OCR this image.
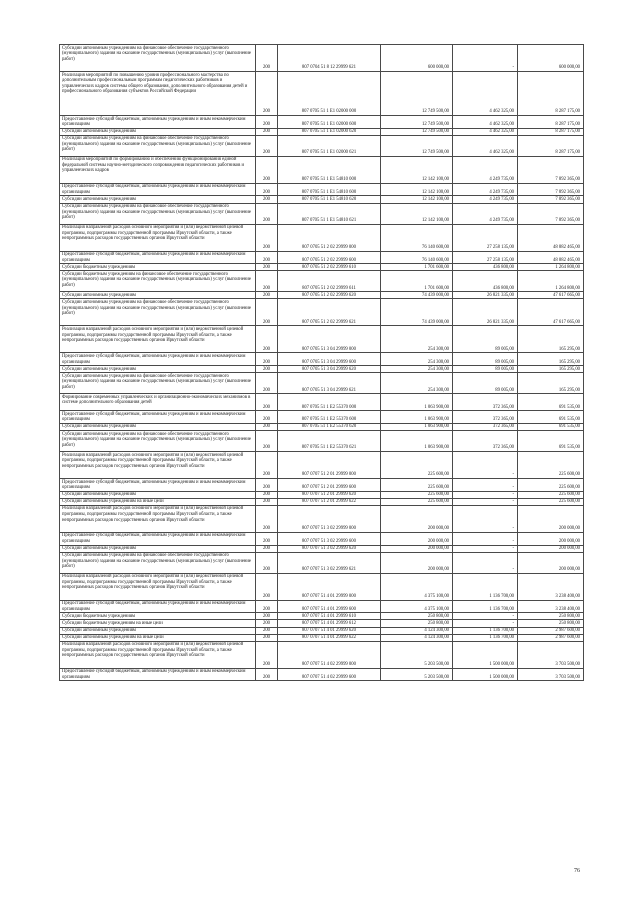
Субсидии автономным учреждениям на финансовое обеспечение государственного (муниципального) задания на оказание государственных (муниципальных) услуг (выполнение работ)	200	807 0704 51 8 12 29999 621	600 000,00	-	600 000,00
Реализация мероприятий по повышению уровня профессионального мастерства по дополнительным профессиональным программам педагогических работников и управленческих кадров системы общего образования, дополнительного образования детей и профессионального образования субъектов Российской Федерации	200	807 0705 51 1 E1 02000 000	12 749 500,00	4 462 325,00	8 287 175,00
Предоставление субсидий бюджетным, автономным учреждениям и иным некоммерческим организациям	200	807 0705 51 1 E1 02000 600	12 749 500,00	4 462 325,00	8 287 175,00
Субсидии автономным учреждениям	200	807 0705 51 1 E1 02000 620	12 749 500,00	4 462 325,00	8 287 175,00
Субсидии автономным учреждениям на финансовое обеспечение государственного (муниципального) задания на оказание государственных (муниципальных) услуг (выполнение работ)	200	807 0705 51 1 E1 02000 621	12 749 500,00	4 462 325,00	8 287 175,00
Реализация мероприятий по формированию и обеспечению функционирования единой федеральной системы научно-методического сопровождения педагогических работников и управленческих кадров	200	807 0705 51 1 E1 54810 000	12 142 100,00	4 249 735,00	7 892 365,00
Предоставление субсидий бюджетным, автономным учреждениям и иным некоммерческим организациям	200	807 0705 51 1 E1 54810 600	12 142 100,00	4 249 735,00	7 892 365,00
Субсидии автономным учреждениям	200	807 0705 51 1 E1 54810 620	12 142 100,00	4 249 735,00	7 892 365,00
Субсидии автономным учреждениям на финансовое обеспечение государственного (муниципального) задания на оказание государственных (муниципальных) услуг (выполнение работ)	200	807 0705 51 1 E1 54810 621	12 142 100,00	4 249 735,00	7 892 365,00
Реализация направлений расходов основного мероприятия и (или) ведомственной целевой программы, подпрограммы государственной программы Иркутской области, а также непрограммных расходов государственных органов Иркутской области	200	807 0705 51 2 02 29999 000	76 140 600,00	27 258 135,00	48 882 465,00
Предоставление субсидий бюджетным, автономным учреждениям и иным некоммерческим организациям	200	807 0705 51 2 02 29999 600	76 140 600,00	27 258 135,00	48 882 465,00
Субсидии бюджетным учреждениям	200	807 0705 51 2 02 29999 610	1 701 600,00	436 800,00	1 264 800,00
Субсидии бюджетным учреждениям на финансовое обеспечение государственного (муниципального) задания на оказание государственных (муниципальных) услуг (выполнение работ)	200	807 0705 51 2 02 29999 611	1 701 600,00	436 800,00	1 264 800,00
Субсидии автономным учреждениям	200	807 0705 51 2 02 29999 620	74 439 000,00	26 821 335,00	47 617 665,00
Субсидии автономным учреждениям на финансовое обеспечение государственного (муниципального) задания на оказание государственных (муниципальных) услуг (выполнение работ)	200	807 0705 51 2 02 29999 621	74 439 000,00	26 821 335,00	47 617 665,00
Реализация направлений расходов основного мероприятия и (или) ведомственной целевой программы, подпрограммы государственной программы Иркутской области, а также непрограммных расходов государственных органов Иркутской области	200	807 0705 51 3 04 29999 000	254 300,00	89 005,00	165 295,00
Предоставление субсидий бюджетным, автономным учреждениям и иным некоммерческим организациям	200	807 0705 51 3 04 29999 600	254 300,00	89 005,00	165 295,00
Субсидии автономным учреждениям	200	807 0705 51 3 04 29999 620	254 300,00	89 005,00	165 295,00
Субсидии автономным учреждениям на финансовое обеспечение государственного (муниципального) задания на оказание государственных (муниципальных) услуг (выполнение работ)	200	807 0705 51 3 04 29999 621	254 300,00	89 005,00	165 295,00
Формирование современных управленческих и организационно-экономических механизмов в системе дополнительного образования детей	200	807 0705 51 1 E2 55370 000	1 063 900,00	372 365,00	691 535,00
Предоставление субсидий бюджетным, автономным учреждениям и иным некоммерческим организациям	200	807 0705 51 1 E2 55370 600	1 063 900,00	372 365,00	691 535,00
Субсидии автономным учреждениям	200	807 0705 51 1 E2 55370 620	1 063 900,00	372 365,00	691 535,00
Субсидии автономным учреждениям на финансовое обеспечение государственного (муниципального) задания на оказание государственных (муниципальных) услуг (выполнение работ)	200	807 0705 51 1 E2 55370 621	1 063 900,00	372 365,00	691 535,00
Реализация направлений расходов основного мероприятия и (или) ведомственной целевой программы, подпрограммы государственной программы Иркутской области, а также непрограммных расходов государственных органов Иркутской области	200	807 0707 51 2 01 29999 000	225 600,00	-	225 600,00
Предоставление субсидий бюджетным, автономным учреждениям и иным некоммерческим организациям	200	807 0707 51 2 01 29999 600	225 600,00	-	225 600,00
Субсидии автономным учреждениям	200	807 0707 51 2 01 29999 620	225 600,00	-	225 600,00
Субсидии автономным учреждениям на иные цели	200	807 0707 51 2 01 29999 622	225 600,00	-	225 600,00
Реализация направлений расходов основного мероприятия и (или) ведомственной целевой программы, подпрограммы государственной программы Иркутской области, а также непрограммных расходов государственных органов Иркутской области	200	807 0707 51 3 02 29999 000	200 000,00	-	200 000,00
Предоставление субсидий бюджетным, автономным учреждениям и иным некоммерческим организациям	200	807 0707 51 3 02 29999 600	200 000,00	-	200 000,00
Субсидии автономным учреждениям	200	807 0707 51 3 02 29999 620	200 000,00	-	200 000,00
Субсидии автономным учреждениям на финансовое обеспечение государственного (муниципального) задания на оказание государственных (муниципальных) услуг (выполнение работ)	200	807 0707 51 3 02 29999 621	200 000,00	-	200 000,00
Реализация направлений расходов основного мероприятия и (или) ведомственной целевой программы, подпрограммы государственной программы Иркутской области, а также непрограммных расходов государственных органов Иркутской области	200	807 0707 51 4 01 29999 000	4 375 100,00	1 136 700,00	3 238 400,00
Предоставление субсидий бюджетным, автономным учреждениям и иным некоммерческим организациям	200	807 0707 51 4 01 29999 600	4 375 100,00	1 136 700,00	3 238 400,00
Субсидии бюджетным учреждениям	200	807 0707 51 4 01 29999 610	250 800,00	-	250 800,00
Субсидии бюджетным учреждениям на иные цели	200	807 0707 51 4 01 29999 612	250 800,00	-	250 800,00
Субсидии автономным учреждениям	200	807 0707 51 4 01 29999 620	4 124 300,00	1 136 700,00	2 987 600,00
Субсидии автономным учреждениям на иные цели	200	807 0707 51 4 01 29999 622	4 124 300,00	1 136 700,00	2 987 600,00
Реализация направлений расходов основного мероприятия и (или) ведомственной целевой программы, подпрограммы государственной программы Иркутской области, а также непрограммных расходов государственных органов Иркутской области	200	807 0707 51 4 02 29999 000	5 203 500,00	1 500 000,00	3 703 500,00
Предоставление субсидий бюджетным, автономным учреждениям и иным некоммерческим организациям	200	807 0707 51 4 02 29999 600	5 203 500,00	1 500 000,00	3 703 500,00
76
